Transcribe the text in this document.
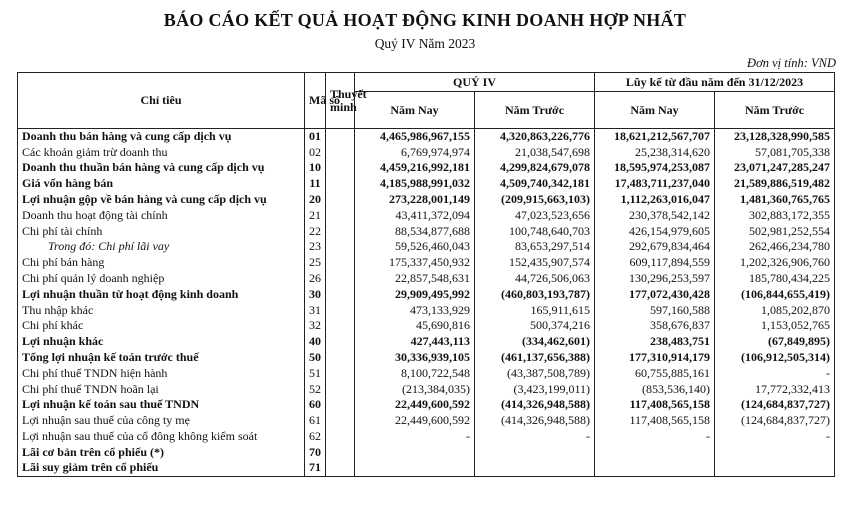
BÁO CÁO KẾT QUẢ HOẠT ĐỘNG KINH DOANH HỢP NHẤT
Quý IV Năm 2023
Đơn vị tính: VND
Chỉ tiêu	Mã số	Thuyết minh	QUÝ IV		Lũy kế từ đầu năm đến 31/12/2023	
			Năm Nay	Năm Trước	Năm Nay	Năm Trước
Doanh thu bán hàng và cung cấp dịch vụ	01		4,465,986,967,155	4,320,863,226,776	18,621,212,567,707	23,128,328,990,585
Các khoản giảm trừ doanh thu	02		6,769,974,974	21,038,547,698	25,238,314,620	57,081,705,338
Doanh thu thuần bán hàng và cung cấp dịch vụ	10		4,459,216,992,181	4,299,824,679,078	18,595,974,253,087	23,071,247,285,247
Giá vốn hàng bán	11		4,185,988,991,032	4,509,740,342,181	17,483,711,237,040	21,589,886,519,482
Lợi nhuận gộp về bán hàng và cung cấp dịch vụ	20		273,228,001,149	(209,915,663,103)	1,112,263,016,047	1,481,360,765,765
Doanh thu hoạt động tài chính	21		43,411,372,094	47,023,523,656	230,378,542,142	302,883,172,355
Chi phí tài chính	22		88,534,877,688	100,748,640,703	426,154,979,605	502,981,252,554
Trong đó: Chi phí lãi vay	23		59,526,460,043	83,653,297,514	292,679,834,464	262,466,234,780
Chi phí bán hàng	25		175,337,450,932	152,435,907,574	609,117,894,559	1,202,326,906,760
Chi phí quản lý doanh nghiệp	26		22,857,548,631	44,726,506,063	130,296,253,597	185,780,434,225
Lợi nhuận thuần từ hoạt động kinh doanh	30		29,909,495,992	(460,803,193,787)	177,072,430,428	(106,844,655,419)
Thu nhập khác	31		473,133,929	165,911,615	597,160,588	1,085,202,870
Chi phí khác	32		45,690,816	500,374,216	358,676,837	1,153,052,765
Lợi nhuận khác	40		427,443,113	(334,462,601)	238,483,751	(67,849,895)
Tổng lợi nhuận kế toán trước thuế	50		30,336,939,105	(461,137,656,388)	177,310,914,179	(106,912,505,314)
Chi phí thuế TNDN hiện hành	51		8,100,722,548	(43,387,508,789)	60,755,885,161	-
Chi phí thuế TNDN hoãn lại	52		(213,384,035)	(3,423,199,011)	(853,536,140)	17,772,332,413
Lợi nhuận kế toán sau thuế TNDN	60		22,449,600,592	(414,326,948,588)	117,408,565,158	(124,684,837,727)
Lợi nhuận sau thuế của công ty mẹ	61		22,449,600,592	(414,326,948,588)	117,408,565,158	(124,684,837,727)
Lợi nhuận sau thuế của cổ đông không kiểm soát	62		-	-	-	-
Lãi cơ bản trên cổ phiếu (*)	70					
Lãi suy giảm trên cổ phiếu	71					
